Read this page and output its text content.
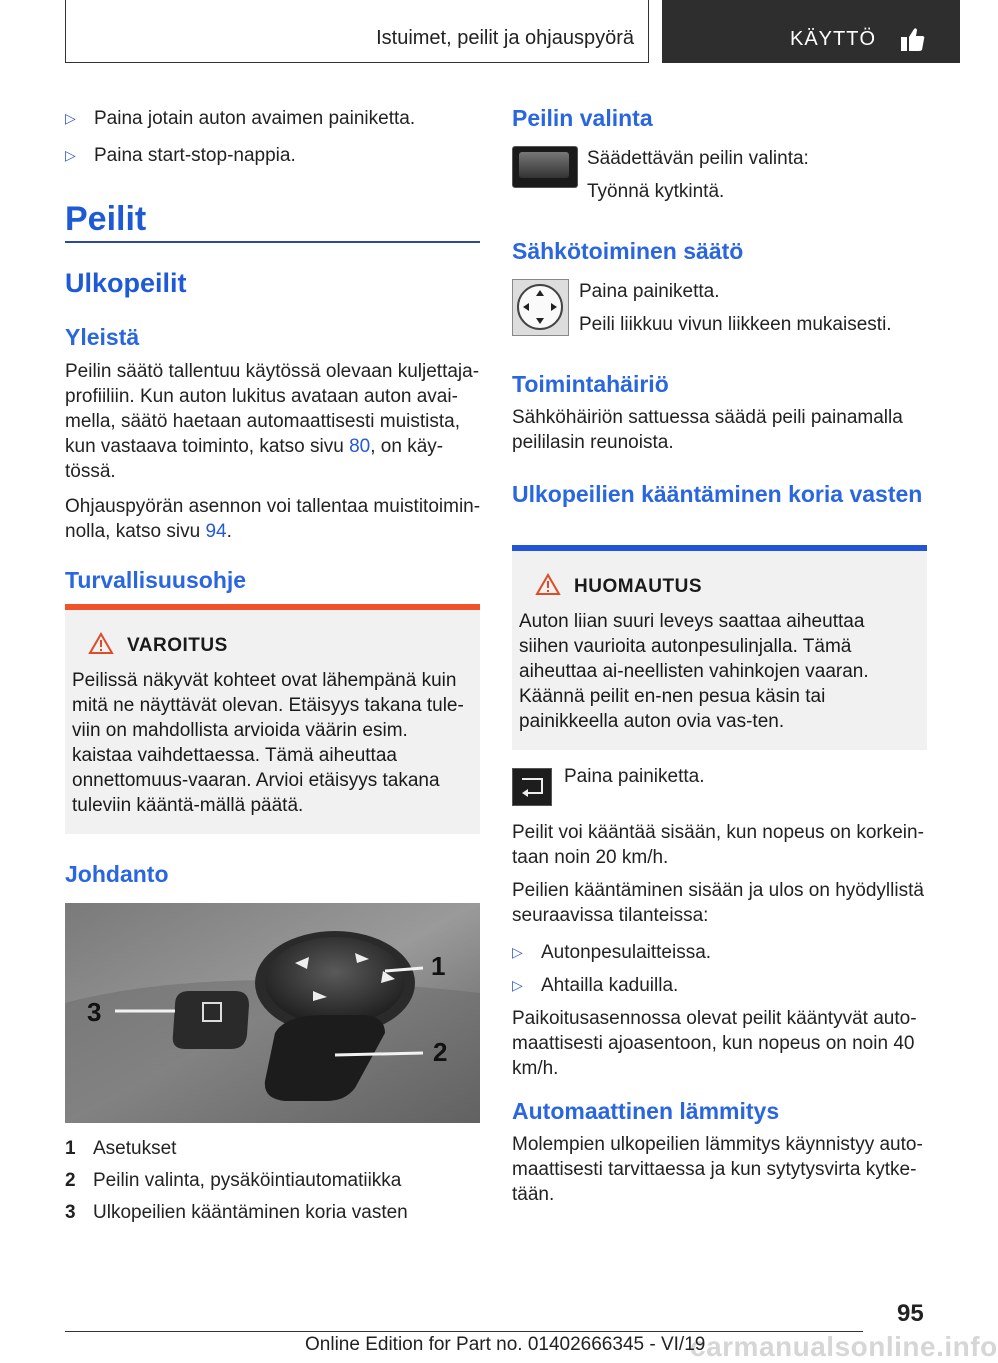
Istuimet, peilit ja ohjauspyörä	KÄYTTÖ
▷ Paina jotain auton avaimen painiketta.
▷ Paina start-stop-nappia.
Peilit
Ulkopeilit
Yleistä

Peilin säätö tallentuu käytössä olevaan kuljettaja-profiiliin. Kun auton lukitus avataan auton avai-mella, säätö haetaan automaattisesti muistista, kun vastaava toiminto, katso sivu 80, on käy-tössä.

Ohjauspyörän asennon voi tallentaa muistitoimin-nolla, katso sivu 94.

Turvallisuusohje
VAROITUS

Peilissä näkyvät kohteet ovat lähempänä kuin mitä ne näyttävät olevan. Etäisyys takana tule-viin on mahdollista arvioida väärin esim. kaistaa vaihdettaessa. Tämä aiheuttaa onnettomuus-vaaran. Arvioi etäisyys takana tuleviin kääntä-mällä päätä.

Johdanto
1
2
3
1 Asetukset
2 Peilin valinta, pysäköintiautomatiikka
3 Ulkopeilien kääntäminen koria vasten
Peilin valinta

Säädettävän peilin valinta:

Työnnä kytkintä.

Sähkötoiminen säätö

Paina painiketta.

Peili liikkuu vivun liikkeen mukaisesti.

Toimintahäiriö

Sähköhäiriön sattuessa säädä peili painamalla peililasin reunoista.

Ulkopeilien kääntäminen koria vasten
HUOMAUTUS

Auton liian suuri leveys saattaa aiheuttaa siihen vaurioita autonpesulinjalla. Tämä aiheuttaa ai-neellisten vahinkojen vaaran. Käännä peilit en-nen pesua käsin tai painikkeella auton ovia vas-ten.

Paina painiketta.

Peilit voi kääntää sisään, kun nopeus on korkein-taan noin 20 km/h.

Peilien kääntäminen sisään ja ulos on hyödyllistä seuraavissa tilanteissa:

▷ Autonpesulaitteissa.
▷ Ahtailla kaduilla.

Paikoitusasennossa olevat peilit kääntyvät auto-maattisesti ajoasentoon, kun nopeus on noin 40 km/h.

Automaattinen lämmitys

Molempien ulkopeilien lämmitys käynnistyy auto-maattisesti tarvittaessa ja kun sytytysvirta kytke-tään.

95
carmanualsonline.info
Online Edition for Part no. 01402666345 - VI/19
